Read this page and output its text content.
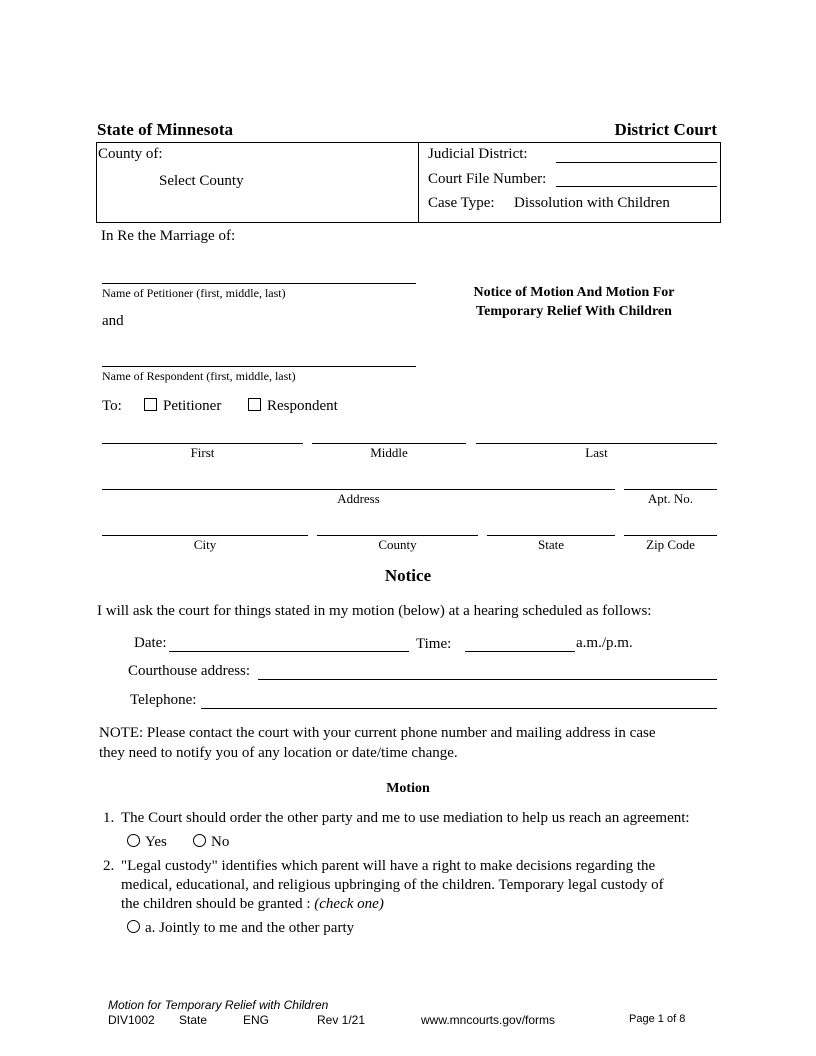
State of Minnesota	District Court
County of:
Select County
Judicial District:
Court File Number:
Case Type: Dissolution with Children
In Re the Marriage of:
Name of Petitioner (first, middle, last)
and
Name of Respondent (first, middle, last)
Notice of Motion And Motion For
Temporary Relief With Children
To:	Petitioner	Respondent
First	Middle	Last
Address	Apt. No.
City	County	State	Zip Code
Notice
I will ask the court for things stated in my motion (below) at a hearing scheduled as follows:
Date:	Time:	a.m./p.m.
Courthouse address:
Telephone:
NOTE: Please contact the court with your current phone number and mailing address in case
they need to notify you of any location or date/time change.
Motion
1. The Court should order the other party and me to use mediation to help us reach an agreement:
Yes	No
2. "Legal custody" identifies which parent will have a right to make decisions regarding the
medical, educational, and religious upbringing of the children. Temporary legal custody of
the children should be granted : (check one)
a. Jointly to me and the other party
Motion for Temporary Relief with Children
DIV1002 State	ENG	Rev 1/21	www.mncourts.gov/forms	Page 1 of 8
